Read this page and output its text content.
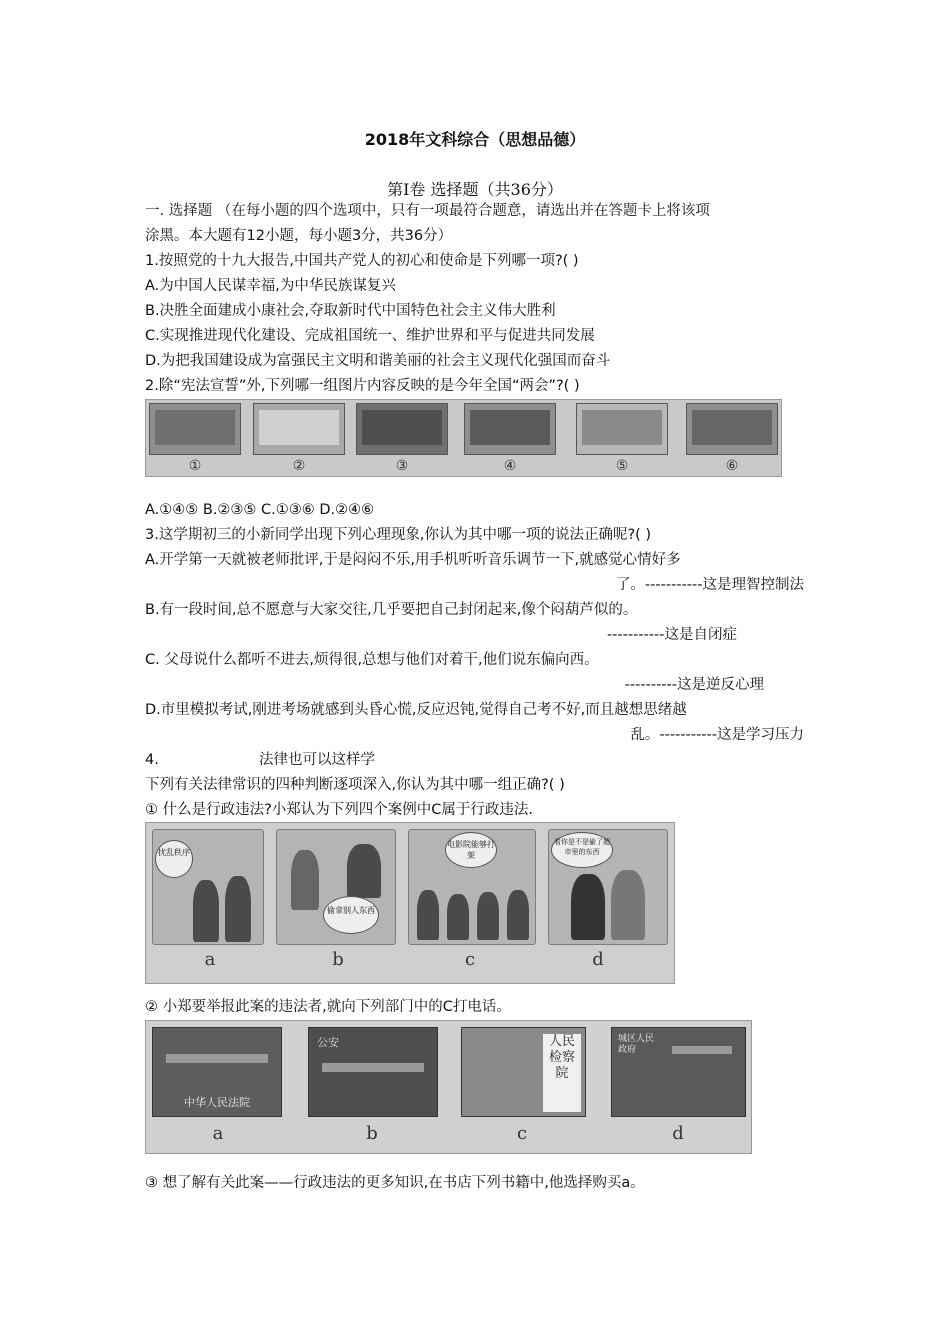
2018年文科综合（思想品德）
第Ⅰ卷 选择题（共36分）
一. 选择题 （在每小题的四个选项中，只有一项最符合题意，请选出并在答题卡上将该项
涂黑。本大题有12小题，每小题3分，共36分）
1.按照党的十九大报告,中国共产党人的初心和使命是下列哪一项?( )
A.为中国人民谋幸福,为中华民族谋复兴
B.决胜全面建成小康社会,夺取新时代中国特色社会主义伟大胜利
C.实现推进现代化建设、完成祖国统一、维护世界和平与促进共同发展
D.为把我国建设成为富强民主文明和谐美丽的社会主义现代化强国而奋斗
2.除“宪法宣誓”外,下列哪一组图片内容反映的是今年全国“两会”?( )
①	②	③	④	⑤	⑥
A.①④⑤ B.②③⑤ C.①③⑥ D.②④⑥
3.这学期初三的小新同学出现下列心理现象,你认为其中哪一项的说法正确呢?( )
A.开学第一天就被老师批评,于是闷闷不乐,用手机听听音乐调节一下,就感觉心情好多
了。-----------这是理智控制法
B.有一段时间,总不愿意与大家交往,几乎要把自己封闭起来,像个闷葫芦似的。
-----------这是自闭症
C. 父母说什么都听不进去,烦得很,总想与他们对着干,他们说东偏向西。
----------这是逆反心理
D.市里模拟考试,刚进考场就感到头昏心慌,反应迟钝,觉得自己考不好,而且越想思绪越
乱。-----------这是学习压力
4.	法律也可以这样学
下列有关法律常识的四种判断逐项深入,你认为其中哪一组正确?( )
① 什么是行政违法?小郑认为下列四个案例中C属于行政违法.
扰乱秩序
偷拿别人东西
电影院能够打架
看你是不是偷了超市里的东西
a	b	c	d
② 小郑要举报此案的违法者,就向下列部门中的C打电话。
中华人民法院
公安	人民检察院
城区人民政府
a	b	c	d
③ 想了解有关此案——行政违法的更多知识,在书店下列书籍中,他选择购买a。
